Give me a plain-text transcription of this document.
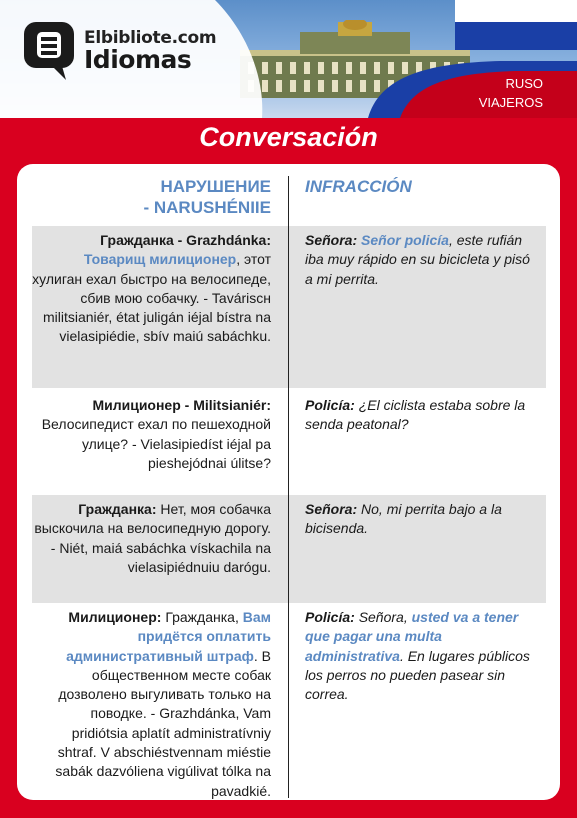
Elbibliote.com
Idiomas
RUSO
VIAJEROS
Conversación
НАРУШЕНИЕ
- NARUSHÉNIIE
INFRACCIÓN
Гражданка - Grazhdánka:
Товарищ милиционер, этот хулиган ехал быстро на велосипеде, сбив мою собачку. - Taváriscн militsianiér, état juligán iéjal bístra na vielasipiédie, sbív maiú sabáchku.
Señora: Señor policía, este rufián iba muy rápido en su bicicleta y pisó a mi perrita.
Милиционер - Militsianiér:
Велосипедист ехал по пешеходной улице? - Vielasipiedíst iéjal pa pieshejódnai úlitse?
Policía: ¿El ciclista estaba sobre la senda peatonal?
Гражданка: Нет, моя собачка выскочила на велосипедную дорогу. - Niét, maiá sabáchka vískachila na vielasipiédnuiu darógu.
Señora: No, mi perrita bajo a la bicisenda.
Милиционер: Гражданка, Вам придётся оплатить административный штраф. В общественном месте собак дозволено выгуливать только на поводке. - Grazhdánka, Vam pridiótsia aplatít administratívniy shtraf. V abschiéstvennam miéstie sabák dazvóliena vigúlivat tólka na pavadkié.
Policía: Señora, usted va a tener que pagar una multa administrativa. En lugares públicos los perros no pueden pasear sin correa.
